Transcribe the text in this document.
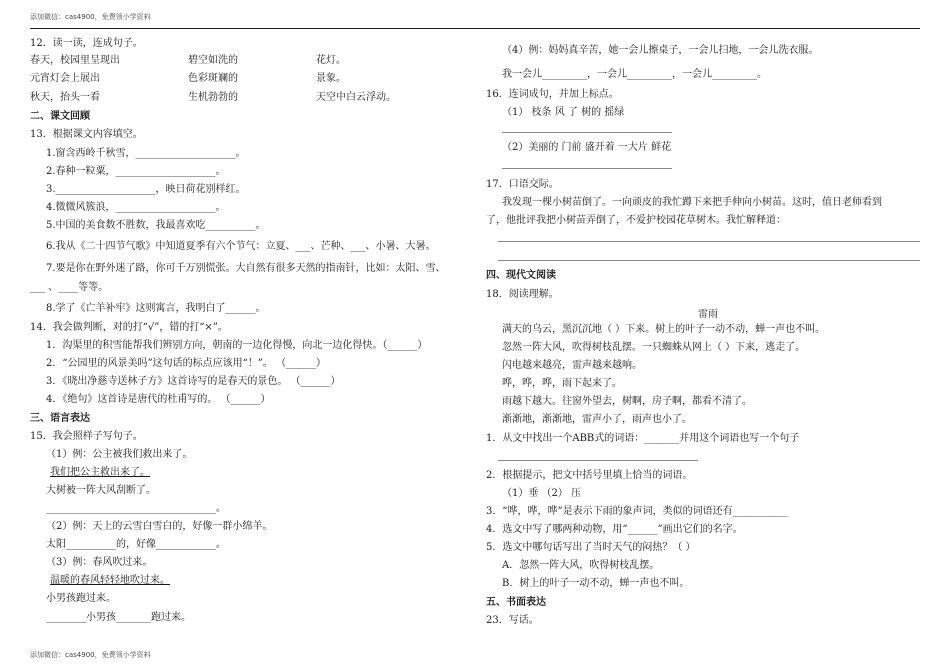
添加微信：cas4900，免费领小学资料
12．读一读，连成句子。
春天，校园里呈现出	碧空如洗的	花灯。
元宵灯会上展出	色彩斑斓的	景象。
秋天，抬头一看	生机勃勃的	天空中白云浮动。
二、课文回顾
13．根据课文内容填空。
1.窗含西岭千秋雪，____________________。
2.春种一粒粟，____________________。
3.____________________，映日荷花别样红。
4.微微风簇浪，____________________。
5.中国的美食数不胜数，我最喜欢吃__________。
6.我从《二十四节气歌》中知道夏季有六个节气：立夏、___、芒种、___、小暑、大暑。
7.要是你在野外迷了路，你可千万别慌张。大自然有很多天然的指南针，比如：太阳、雪、
___ 、____等等。
8.学了《亡羊补牢》这则寓言，我明白了______。
14．我会做判断，对的打“√”，错的打“×”。
1．沟渠里的积雪能帮我们辨别方向，朝南的一边化得慢，向北一边化得快。（______）
2．“公园里的风景美吗”这句话的标点应该用“！”。 （______）
3．《晓出净慈寺送林子方》这首诗写的是春天的景色。 （______）
4．《绝句》这首诗是唐代的杜甫写的。 （______）
三、语言表达
15．我会照样子写句子。
（1）例：公主被我们救出来了。
我们把公主救出来了。
大树被一阵大风刮断了。
__________________________________。
（2）例：天上的云雪白雪白的，好像一群小绵羊。
太阳__________的，好像____________。
（3）例：春风吹过来。
温暖的春风轻轻地吹过来。
小男孩跑过来。
________小男孩_______跑过来。
（4）例：妈妈真辛苦，她一会儿擦桌子，一会儿扫地，一会儿洗衣服。
我一会儿_________，一会儿_________，一会儿_________。
16．连词成句，并加上标点。
（1） 枝条 风 了 树的 摇绿
（2）美丽的 门前 盛开着 一大片 鲜花
17．口语交际。
我发现一棵小树苗倒了。一向顽皮的我忙蹲下来把手伸向小树苗。这时，值日老师看到
了，他批评我把小树苗弄倒了，不爱护校园花草树木。我忙解释道：
四、现代文阅读
18．阅读理解。
雷雨
满天的乌云，黑沉沉地（ ）下来。树上的叶子一动不动，蝉一声也不叫。
忽然一阵大风，吹得树枝乱摆。一只蜘蛛从网上（ ）下来，逃走了。
闪电越来越亮，雷声越来越响。
哗，哗，哗，雨下起来了。
雨越下越大。往窗外望去，树啊，房子啊，都看不清了。
渐渐地，渐渐地，雷声小了，雨声也小了。
1．从文中找出一个ABB式的词语：_______并用这个词语也写一个句子
2．根据提示，把文中括号里填上恰当的词语。
（1）垂 （2） 压
3．“哗，哗，哗”是表示下雨的象声词，类似的词语还有___________
4．选文中写了哪两种动物，用“______”画出它们的名字。
5．选文中哪句话写出了当时天气的闷热？（ ）
A．忽然一阵大风，吹得树枝乱摆。
B．树上的叶子一动不动，蝉一声也不叫。
五、书面表达
23．写话。
添加微信：cas4900，免费领小学资料
